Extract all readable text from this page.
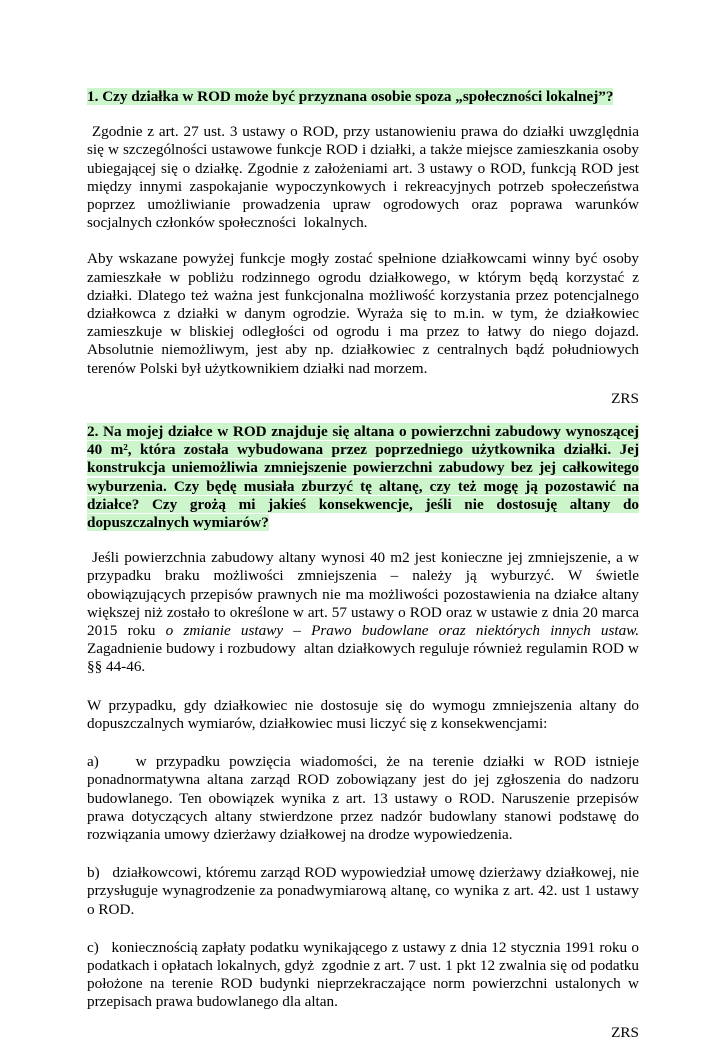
1. Czy działka w ROD może być przyznana osobie spoza „społeczności lokalnej”?

Zgodnie z art. 27 ust. 3 ustawy o ROD, przy ustanowieniu prawa do działki uwzględnia się w szczególności ustawowe funkcje ROD i działki, a także miejsce zamieszkania osoby ubiegającej się o działkę. Zgodnie z założeniami art. 3 ustawy o ROD, funkcją ROD jest między innymi zaspokajanie wypoczynkowych i rekreacyjnych potrzeb społeczeństwa poprzez umożliwianie prowadzenia upraw ogrodowych oraz poprawa warunków socjalnych członków społeczności  lokalnych.

Aby wskazane powyżej funkcje mogły zostać spełnione działkowcami winny być osoby zamieszkałe w pobliżu rodzinnego ogrodu działkowego, w którym będą korzystać z działki. Dlatego też ważna jest funkcjonalna możliwość korzystania przez potencjalnego działkowca z działki w danym ogrodzie. Wyraża się to m.in. w tym, że działkowiec zamieszkuje w bliskiej odległości od ogrodu i ma przez to łatwy do niego dojazd. Absolutnie niemożliwym, jest aby np. działkowiec z centralnych bądź południowych terenów Polski był użytkownikiem działki nad morzem.

ZRS

2. Na mojej działce w ROD znajduje się altana o powierzchni zabudowy wynoszącej 40 m², która została wybudowana przez poprzedniego użytkownika działki. Jej konstrukcja uniemożliwia zmniejszenie powierzchni zabudowy bez jej całkowitego wyburzenia. Czy będę musiała zburzyć tę altanę, czy też mogę ją pozostawić na działce? Czy grożą mi jakieś konsekwencje, jeśli nie dostosuję altany do dopuszczalnych wymiarów?

Jeśli powierzchnia zabudowy altany wynosi 40 m2 jest konieczne jej zmniejszenie, a w przypadku braku możliwości zmniejszenia – należy ją wyburzyć. W świetle obowiązujących przepisów prawnych nie ma możliwości pozostawienia na działce altany większej niż zostało to określone w art. 57 ustawy o ROD oraz w ustawie z dnia 20 marca 2015 roku o zmianie ustawy – Prawo budowlane oraz niektórych innych ustaw. Zagadnienie budowy i rozbudowy  altan działkowych reguluje również regulamin ROD w §§ 44-46.

W przypadku, gdy działkowiec nie dostosuje się do wymogu zmniejszenia altany do dopuszczalnych wymiarów, działkowiec musi liczyć się z konsekwencjami:

a)    w przypadku powzięcia wiadomości, że na terenie działki w ROD istnieje ponadnormatywna altana zarząd ROD zobowiązany jest do jej zgłoszenia do nadzoru budowlanego. Ten obowiązek wynika z art. 13 ustawy o ROD. Naruszenie przepisów prawa dotyczących altany stwierdzone przez nadzór budowlany stanowi podstawę do rozwiązania umowy dzierżawy działkowej na drodze wypowiedzenia.

b)   działkowcowi, któremu zarząd ROD wypowiedział umowę dzierżawy działkowej, nie przysługuje wynagrodzenie za ponadwymiarową altanę, co wynika z art. 42. ust 1 ustawy o ROD.

c)   koniecznością zapłaty podatku wynikającego z ustawy z dnia 12 stycznia 1991 roku o podatkach i opłatach lokalnych, gdyż  zgodnie z art. 7 ust. 1 pkt 12 zwalnia się od podatku położone na terenie ROD budynki nieprzekraczające norm powierzchni ustalonych w przepisach prawa budowlanego dla altan.

ZRS
